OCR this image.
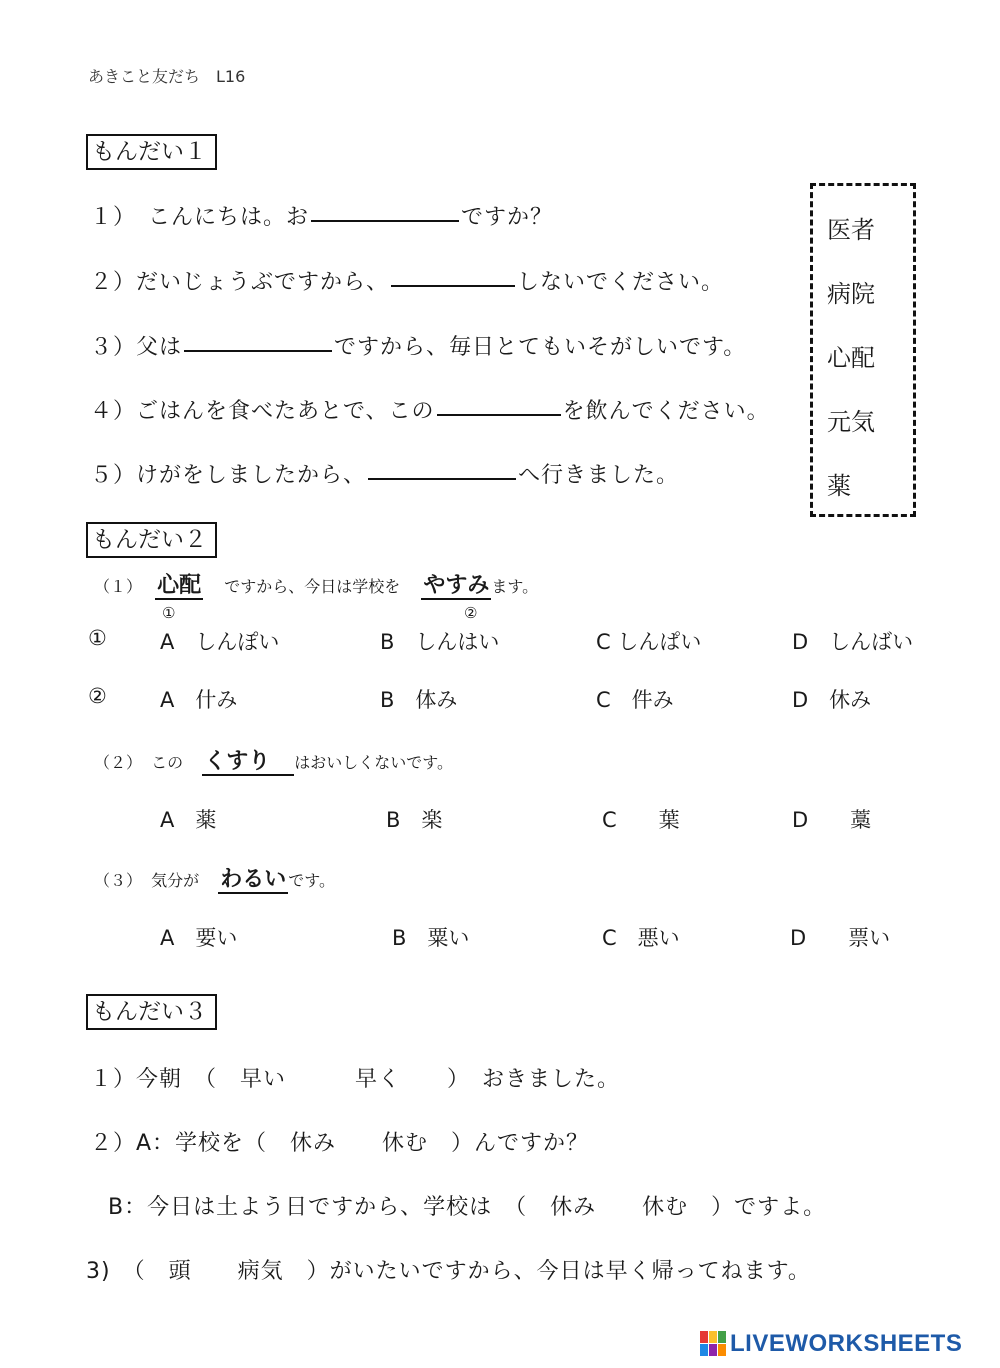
あきこと友だち　L16
もんだい１
１）　こんにちは。お	ですか？
２）だいじょうぶですから、	しないでください。
３）父は	ですから、毎日とてもいそがしいです。
４）ごはんを食べたあとで、この	を飲んでください。
５）けがをしましたから、	へ行きました。
医者
病院
心配
元気
薬
もんだい２
（１） 心配 ですから、今日は学校を やすみ ます。
①	②
①	A　しんぽい	B　しんはい	C しんぱい	D　しんばい
②	A　什み	B　体み	C　件み	D　休み
（２） この くすり はおいしくないです。
A　薬	B　楽	C　　葉	D　　藁
（３） 気分が わるい です。
A　要い	B　粟い	C　悪い	D　　票い
もんだい３
１）今朝　（　早い　　　早く　　）　おきました。
２）A：学校を（　休み　　休む　）んですか？
B：今日は土よう日ですから、学校は　（　休み　　休む　）ですよ。
3)　（　頭　　病気　）がいたいですから、今日は早く帰ってねます。
LIVEWORKSHEETS
